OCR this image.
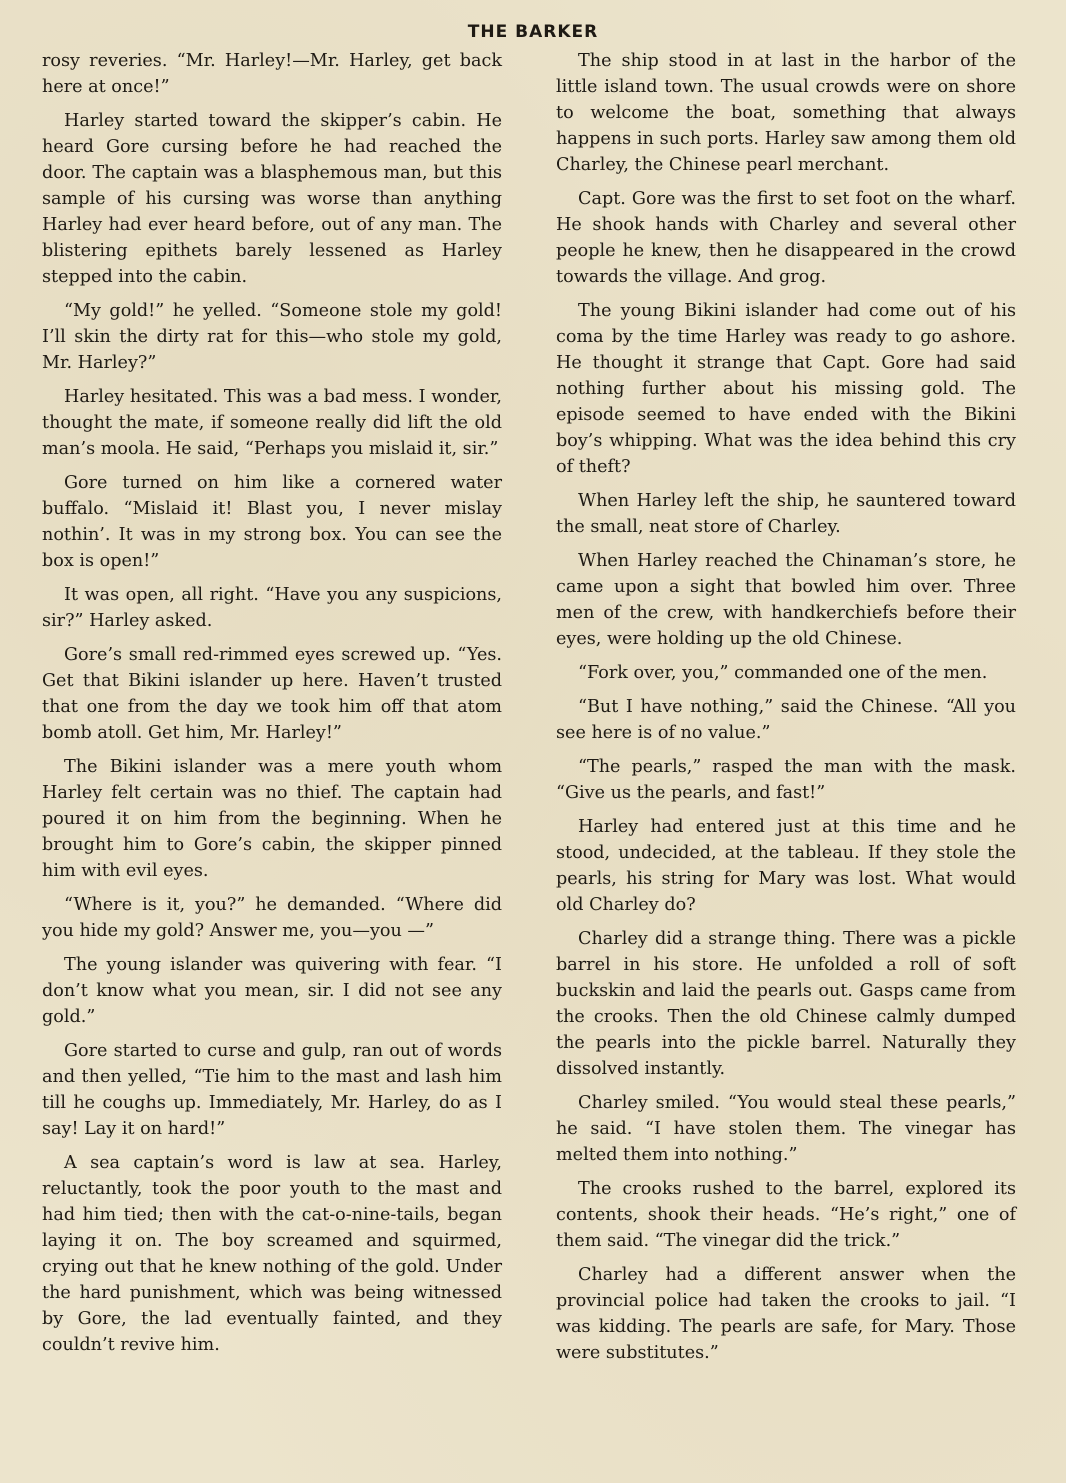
THE BARKER

rosy reveries. “Mr. Harley!—Mr. Harley, get back here at once!”

Harley started toward the skipper’s cabin. He heard Gore cursing before he had reached the door. The captain was a blasphemous man, but this sample of his cursing was worse than anything Harley had ever heard before, out of any man. The blistering epithets barely lessened as Harley stepped into the cabin.

“My gold!” he yelled. “Someone stole my gold! I’ll skin the dirty rat for this—who stole my gold, Mr. Harley?”

Harley hesitated. This was a bad mess. I wonder, thought the mate, if someone really did lift the old man’s moola. He said, “Perhaps you mislaid it, sir.”

Gore turned on him like a cornered water buffalo. “Mislaid it! Blast you, I never mislay nothin’. It was in my strong box. You can see the box is open!”

It was open, all right. “Have you any suspicions, sir?” Harley asked.

Gore’s small red-rimmed eyes screwed up. “Yes. Get that Bikini islander up here. Haven’t trusted that one from the day we took him off that atom bomb atoll. Get him, Mr. Harley!”

The Bikini islander was a mere youth whom Harley felt certain was no thief. The captain had poured it on him from the beginning. When he brought him to Gore’s cabin, the skipper pinned him with evil eyes.

“Where is it, you?” he demanded. “Where did you hide my gold? Answer me, you—you —”

The young islander was quivering with fear. “I don’t know what you mean, sir. I did not see any gold.”

Gore started to curse and gulp, ran out of words and then yelled, “Tie him to the mast and lash him till he coughs up. Immediately, Mr. Harley, do as I say! Lay it on hard!”

A sea captain’s word is law at sea. Harley, reluctantly, took the poor youth to the mast and had him tied; then with the cat-o-nine-tails, began laying it on. The boy screamed and squirmed, crying out that he knew nothing of the gold. Under the hard punishment, which was being witnessed by Gore, the lad eventually fainted, and they couldn’t revive him.

The ship stood in at last in the harbor of the little island town. The usual crowds were on shore to welcome the boat, something that always happens in such ports. Harley saw among them old Charley, the Chinese pearl merchant.

Capt. Gore was the first to set foot on the wharf. He shook hands with Charley and several other people he knew, then he disappeared in the crowd towards the village. And grog.

The young Bikini islander had come out of his coma by the time Harley was ready to go ashore. He thought it strange that Capt. Gore had said nothing further about his missing gold. The episode seemed to have ended with the Bikini boy’s whipping. What was the idea behind this cry of theft?

When Harley left the ship, he sauntered toward the small, neat store of Charley.

When Harley reached the Chinaman’s store, he came upon a sight that bowled him over. Three men of the crew, with handkerchiefs before their eyes, were holding up the old Chinese.

“Fork over, you,” commanded one of the men.

“But I have nothing,” said the Chinese. “All you see here is of no value.”

“The pearls,” rasped the man with the mask. “Give us the pearls, and fast!”

Harley had entered just at this time and he stood, undecided, at the tableau. If they stole the pearls, his string for Mary was lost. What would old Charley do?

Charley did a strange thing. There was a pickle barrel in his store. He unfolded a roll of soft buckskin and laid the pearls out. Gasps came from the crooks. Then the old Chinese calmly dumped the pearls into the pickle barrel. Naturally they dissolved instantly.

Charley smiled. “You would steal these pearls,” he said. “I have stolen them. The vinegar has melted them into nothing.”

The crooks rushed to the barrel, explored its contents, shook their heads. “He’s right,” one of them said. “The vinegar did the trick.”

Charley had a different answer when the provincial police had taken the crooks to jail. “I was kidding. The pearls are safe, for Mary. Those were substitutes.”
